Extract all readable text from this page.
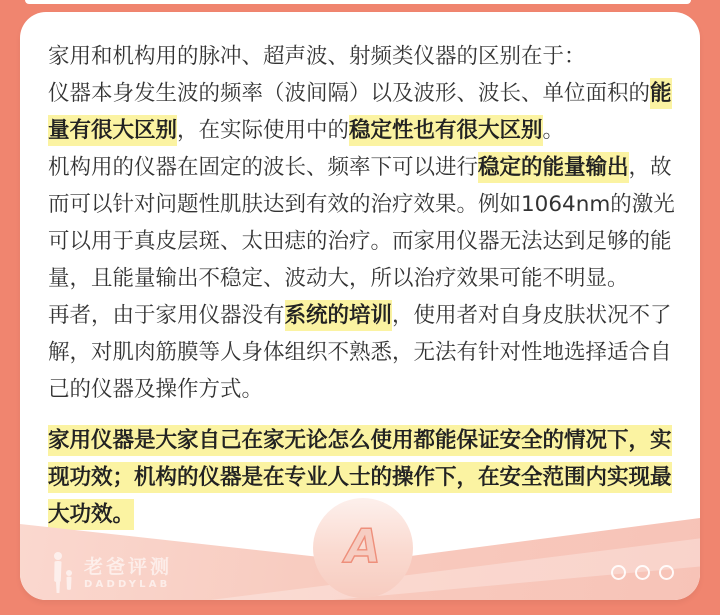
家用和机构用的脉冲、超声波、射频类仪器的区别在于：
仪器本身发生波的频率（波间隔）以及波形、波长、单位面积的能
量有很大区别，在实际使用中的稳定性也有很大区别。
机构用的仪器在固定的波长、频率下可以进行稳定的能量输出，故
而可以针对问题性肌肤达到有效的治疗效果。例如1064nm的激光
可以用于真皮层斑、太田痣的治疗。而家用仪器无法达到足够的能
量，且能量输出不稳定、波动大，所以治疗效果可能不明显。
再者，由于家用仪器没有系统的培训，使用者对自身皮肤状况不了
解，对肌肉筋膜等人身体组织不熟悉，无法有针对性地选择适合自
己的仪器及操作方式。
家用仪器是大家自己在家无论怎么使用都能保证安全的情况下，实
现功效；机构的仪器是在专业人士的操作下，在安全范围内实现最
大功效。
A
老爸评测
DADDYLAB
